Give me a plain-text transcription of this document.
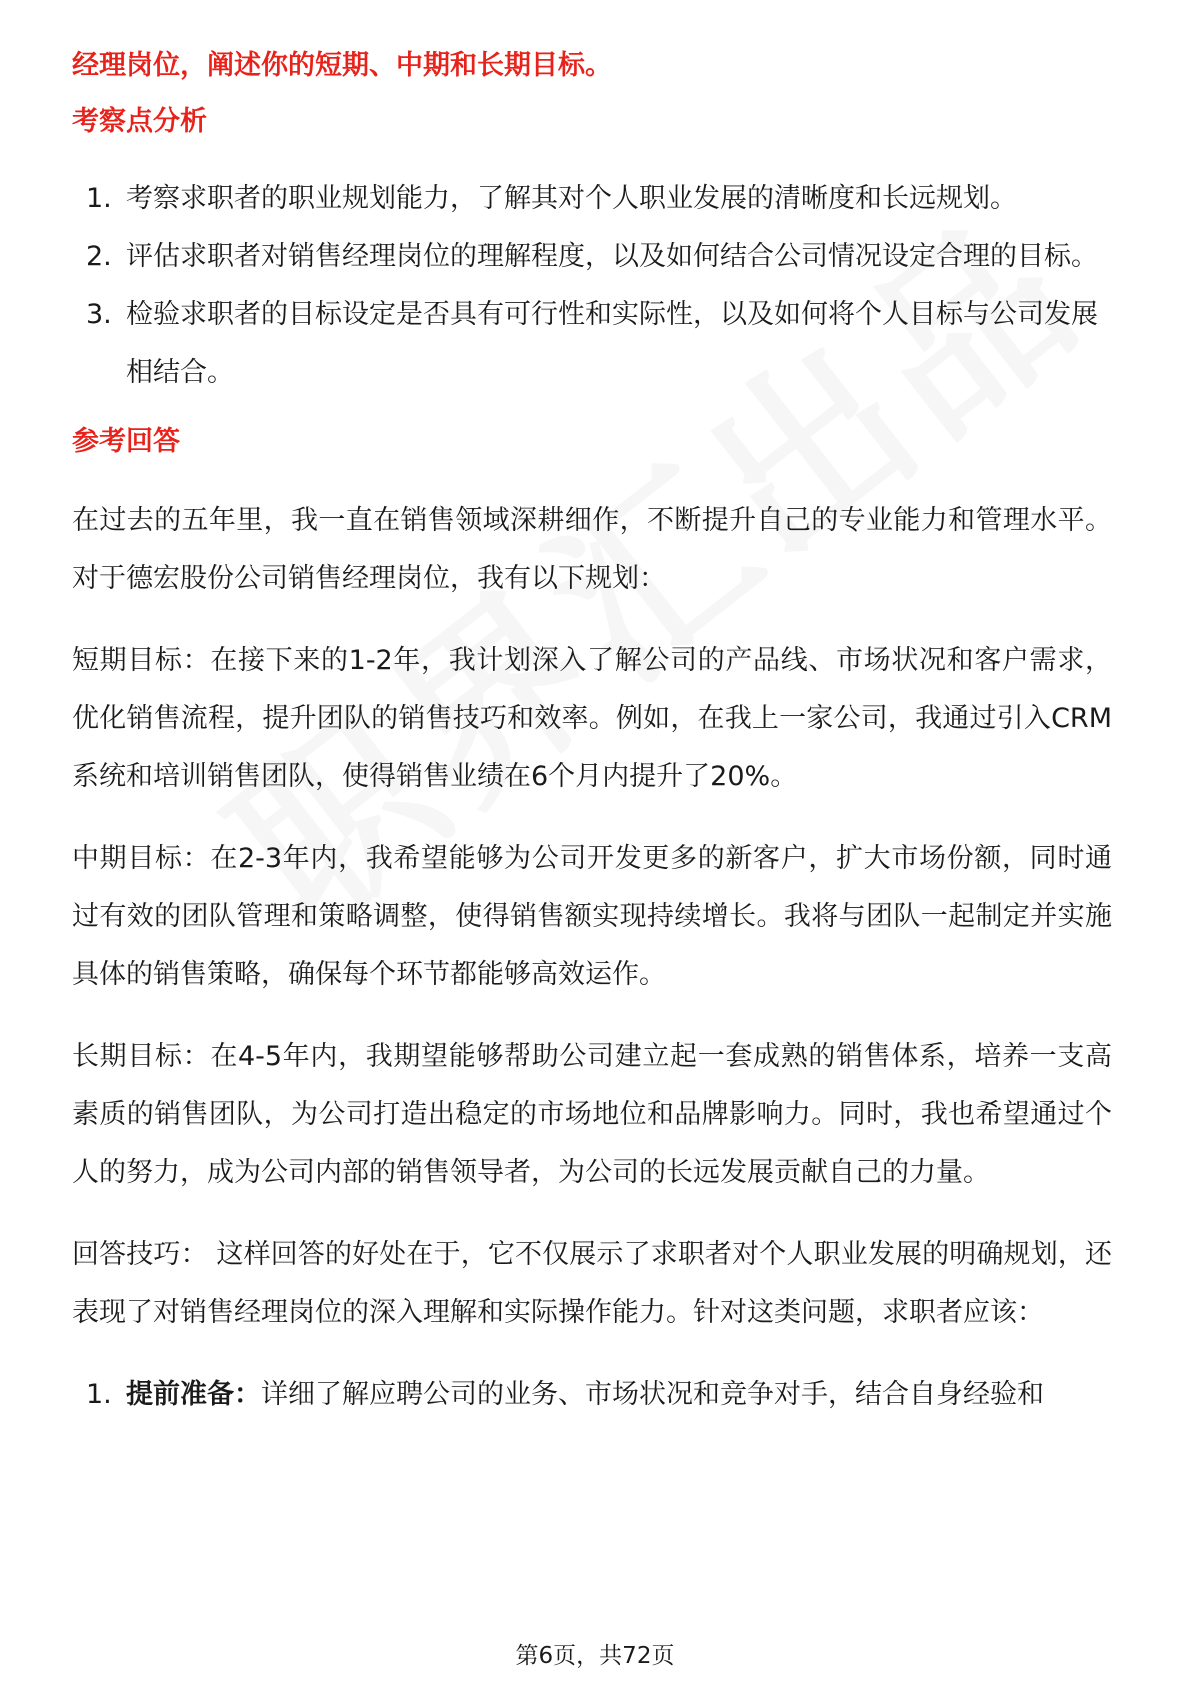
经理岗位，阐述你的短期、中期和长期目标。
考察点分析
1. 考察求职者的职业规划能力，了解其对个人职业发展的清晰度和长远规划。
2. 评估求职者对销售经理岗位的理解程度，以及如何结合公司情况设定合理的目标。
3. 检验求职者的目标设定是否具有可行性和实际性，以及如何将个人目标与公司发展相结合。
参考回答

在过去的五年里，我一直在销售领域深耕细作，不断提升自己的专业能力和管理水平。对于德宏股份公司销售经理岗位，我有以下规划：

短期目标：在接下来的1-2年，我计划深入了解公司的产品线、市场状况和客户需求，优化销售流程，提升团队的销售技巧和效率。例如，在我上一家公司，我通过引入CRM系统和培训销售团队，使得销售业绩在6个月内提升了20%。

中期目标：在2-3年内，我希望能够为公司开发更多的新客户，扩大市场份额，同时通过有效的团队管理和策略调整，使得销售额实现持续增长。我将与团队一起制定并实施具体的销售策略，确保每个环节都能够高效运作。

长期目标：在4-5年内，我期望能够帮助公司建立起一套成熟的销售体系，培养一支高素质的销售团队，为公司打造出稳定的市场地位和品牌影响力。同时，我也希望通过个人的努力，成为公司内部的销售领导者，为公司的长远发展贡献自己的力量。

回答技巧： 这样回答的好处在于，它不仅展示了求职者对个人职业发展的明确规划，还表现了对销售经理岗位的深入理解和实际操作能力。针对这类问题，求职者应该：

1. 提前准备：详细了解应聘公司的业务、市场状况和竞争对手，结合自身经验和
第6页，共72页
